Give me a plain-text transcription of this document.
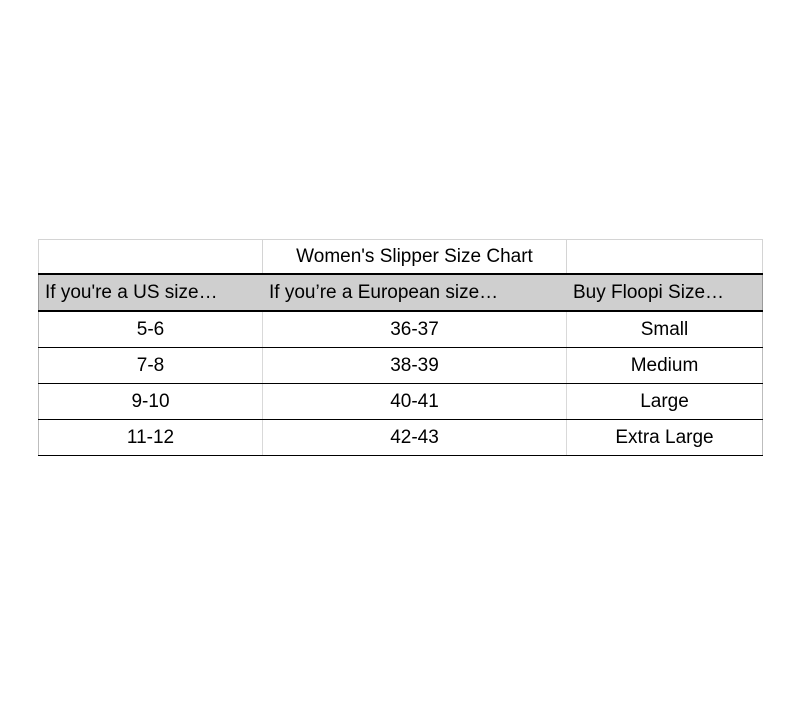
	Women's Slipper Size Chart	
If you're a US size…	If you’re a European size…	Buy Floopi Size…
5-6	36-37	Small
7-8	38-39	Medium
9-10	40-41	Large
11-12	42-43	Extra Large
